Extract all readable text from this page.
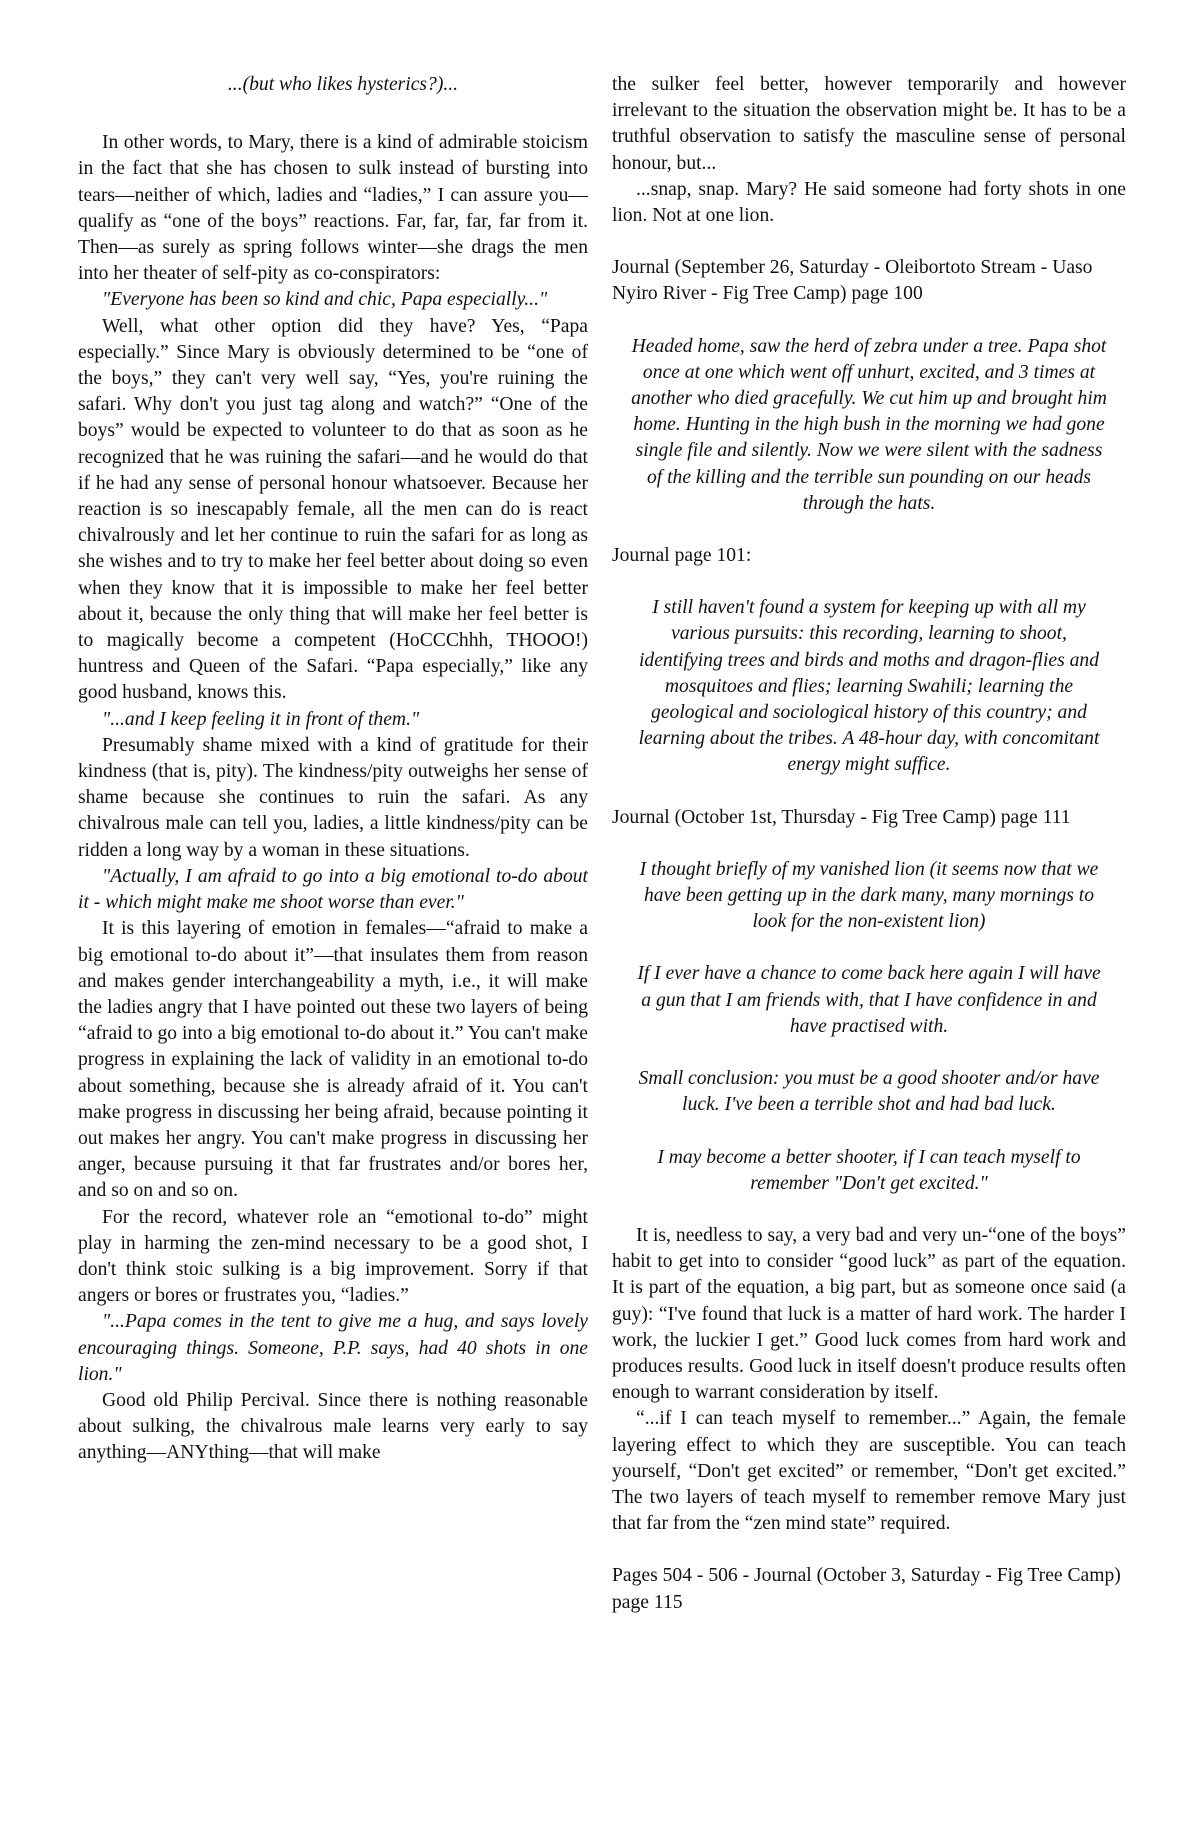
...(but who likes hysterics?)...

In other words, to Mary, there is a kind of admirable stoicism in the fact that she has chosen to sulk instead of bursting into tears—neither of which, ladies and “ladies,” I can assure you—qualify as “one of the boys” reactions. Far, far, far, far from it. Then—as surely as spring follows winter—she drags the men into her theater of self-pity as co-conspirators:

"Everyone has been so kind and chic, Papa especially..."

Well, what other option did they have? Yes, “Papa especially.” Since Mary is obviously determined to be “one of the boys,” they can't very well say, “Yes, you're ruining the safari. Why don't you just tag along and watch?” “One of the boys” would be expected to volunteer to do that as soon as he recognized that he was ruining the safari—and he would do that if he had any sense of personal honour whatsoever. Because her reaction is so inescapably female, all the men can do is react chivalrously and let her continue to ruin the safari for as long as she wishes and to try to make her feel better about doing so even when they know that it is impossible to make her feel better about it, because the only thing that will make her feel better is to magically become a competent (HoCCChhh, THOOO!) huntress and Queen of the Safari. “Papa especially,” like any good husband, knows this.

"...and I keep feeling it in front of them."

Presumably shame mixed with a kind of gratitude for their kindness (that is, pity). The kindness/pity outweighs her sense of shame because she continues to ruin the safari. As any chivalrous male can tell you, ladies, a little kindness/pity can be ridden a long way by a woman in these situations.

"Actually, I am afraid to go into a big emotional to-do about it - which might make me shoot worse than ever."

It is this layering of emotion in females—“afraid to make a big emotional to-do about it”—that insulates them from reason and makes gender interchangeability a myth, i.e., it will make the ladies angry that I have pointed out these two layers of being “afraid to go into a big emotional to-do about it.” You can't make progress in explaining the lack of validity in an emotional to-do about something, because she is already afraid of it. You can't make progress in discussing her being afraid, because pointing it out makes her angry. You can't make progress in discussing her anger, because pursuing it that far frustrates and/or bores her, and so on and so on.

For the record, whatever role an “emotional to-do” might play in harming the zen-mind necessary to be a good shot, I don't think stoic sulking is a big improvement. Sorry if that angers or bores or frustrates you, “ladies.”

"...Papa comes in the tent to give me a hug, and says lovely encouraging things. Someone, P.P. says, had 40 shots in one lion."

Good old Philip Percival. Since there is nothing reasonable about sulking, the chivalrous male learns very early to say anything—ANYthing—that will make

the sulker feel better, however temporarily and however irrelevant to the situation the observation might be. It has to be a truthful observation to satisfy the masculine sense of personal honour, but...

...snap, snap. Mary? He said someone had forty shots in one lion. Not at one lion.

Journal (September 26, Saturday - Oleibortoto Stream - Uaso Nyiro River - Fig Tree Camp) page 100

Headed home, saw the herd of zebra under a tree. Papa shot once at one which went off unhurt, excited, and 3 times at another who died gracefully. We cut him up and brought him home. Hunting in the high bush in the morning we had gone single file and silently. Now we were silent with the sadness of the killing and the terrible sun pounding on our heads through the hats.

Journal page 101:

I still haven't found a system for keeping up with all my various pursuits: this recording, learning to shoot, identifying trees and birds and moths and dragon-flies and mosquitoes and flies; learning Swahili; learning the geological and sociological history of this country; and learning about the tribes. A 48-hour day, with concomitant energy might suffice.

Journal (October 1st, Thursday - Fig Tree Camp) page 111

I thought briefly of my vanished lion (it seems now that we have been getting up in the dark many, many mornings to look for the non-existent lion)

If I ever have a chance to come back here again I will have a gun that I am friends with, that I have confidence in and have practised with.

Small conclusion: you must be a good shooter and/or have luck. I've been a terrible shot and had bad luck.

I may become a better shooter, if I can teach myself to remember "Don't get excited."

It is, needless to say, a very bad and very un-“one of the boys” habit to get into to consider “good luck” as part of the equation. It is part of the equation, a big part, but as someone once said (a guy): “I've found that luck is a matter of hard work. The harder I work, the luckier I get.” Good luck comes from hard work and produces results. Good luck in itself doesn't produce results often enough to warrant consideration by itself.

“...if I can teach myself to remember...” Again, the female layering effect to which they are susceptible. You can teach yourself, “Don't get excited” or remember, “Don't get excited.” The two layers of teach myself to remember remove Mary just that far from the “zen mind state” required.

Pages 504 - 506 - Journal (October 3, Saturday - Fig Tree Camp) page 115
